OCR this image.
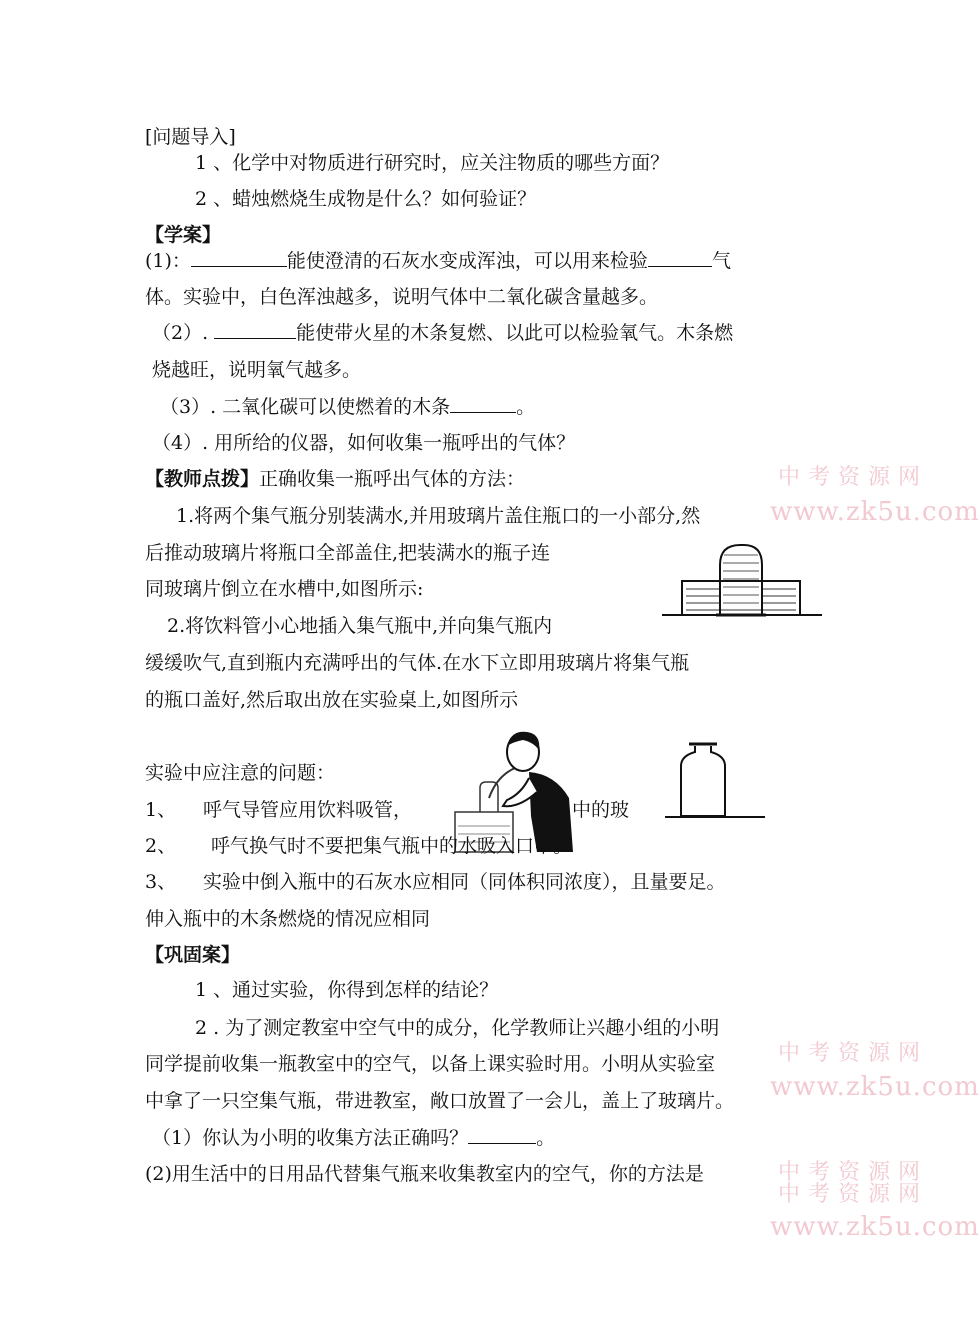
中考资源网
www.zk5u.com
中考资源网
www.zk5u.com
中考资源网
中考资源网
www.zk5u.com
[问题导入]
1 、化学中对物质进行研究时，应关注物质的哪些方面？
2 、蜡烛燃烧生成物是什么？如何验证？
【学案】
(1)：	能使澄清的石灰水变成浑浊，可以用来检验	气
体。实验中，白色浑浊越多，说明气体中二氧化碳含量越多。
（2）.	能使带火星的木条复燃、以此可以检验氧气。木条燃
烧越旺，说明氧气越多。
（3）. 二氧化碳可以使燃着的木条	。
（4）. 用所给的仪器，如何收集一瓶呼出的气体？
【教师点拨】正确收集一瓶呼出气体的方法：
1.将两个集气瓶分别装满水,并用玻璃片盖住瓶口的一小部分,然
后推动玻璃片将瓶口全部盖住,把装满水的瓶子连
同玻璃片倒立在水槽中,如图所示:
2.将饮料管小心地插入集气瓶中,并向集气瓶内
缓缓吹气,直到瓶内充满呼出的气体.在水下立即用玻璃片将集气瓶
的瓶口盖好,然后取出放在实验桌上,如图所示
实验中应注意的问题：
1、 呼气导管应用饮料吸管，	中的玻
2、 呼气换气时不要把集气瓶中的水吸入口中。
3、 实验中倒入瓶中的石灰水应相同（同体积同浓度），且量要足。
伸入瓶中的木条燃烧的情况应相同
【巩固案】
1 、通过实验，你得到怎样的结论？
2 . 为了测定教室中空气中的成分，化学教师让兴趣小组的小明
同学提前收集一瓶教室中的空气，以备上课实验时用。小明从实验室
中拿了一只空集气瓶，带进教室，敞口放置了一会儿，盖上了玻璃片。
（1）你认为小明的收集方法正确吗？	。
(2)用生活中的日用品代替集气瓶来收集教室内的空气，你的方法是
